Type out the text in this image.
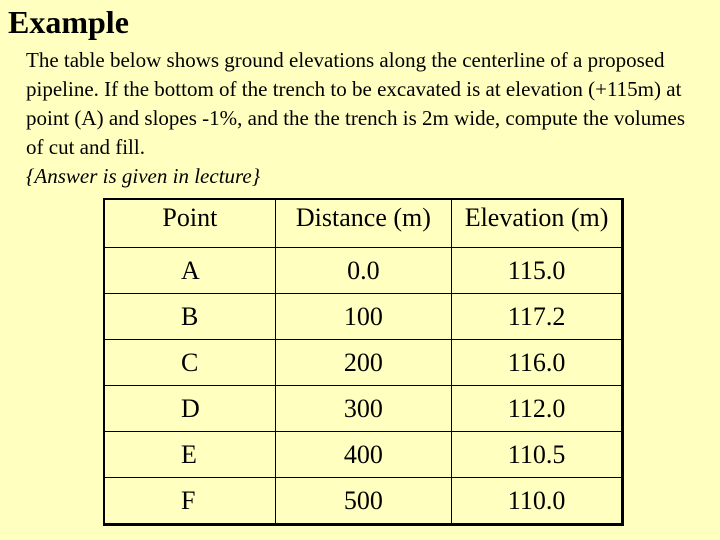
Example

The table below shows ground elevations along the centerline of a proposed pipeline. If the bottom of the trench to be excavated is at elevation (+115m) at point (A) and slopes -1%, and the the trench is 2m wide, compute the volumes of cut and fill.

{Answer is given in lecture}

Point	Distance (m)	Elevation (m)
A	0.0	115.0
B	100	117.2
C	200	116.0
D	300	112.0
E	400	110.5
F	500	110.0
